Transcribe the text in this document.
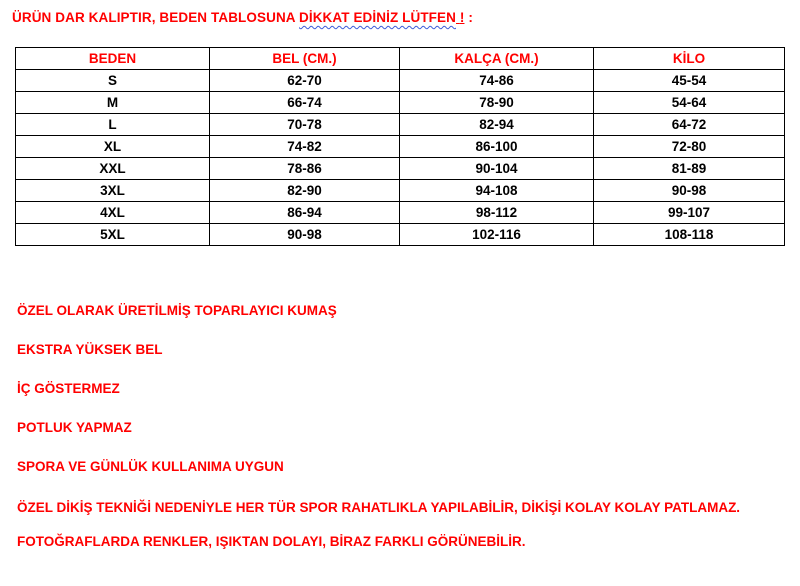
ÜRÜN DAR KALIPTIR, BEDEN TABLOSUNA DİKKAT EDİNİZ LÜTFEN ! :
BEDEN	BEL (CM.)	KALÇA (CM.)	KİLO
S	62-70	74-86	45-54
M	66-74	78-90	54-64
L	70-78	82-94	64-72
XL	74-82	86-100	72-80
XXL	78-86	90-104	81-89
3XL	82-90	94-108	90-98
4XL	86-94	98-112	99-107
5XL	90-98	102-116	108-118

ÖZEL OLARAK ÜRETİLMİŞ TOPARLAYICI KUMAŞ

EKSTRA YÜKSEK BEL

İÇ GÖSTERMEZ

POTLUK YAPMAZ

SPORA VE GÜNLÜK KULLANIMA UYGUN

ÖZEL DİKİŞ TEKNİĞİ NEDENİYLE HER TÜR SPOR RAHATLIKLA YAPILABİLİR, DİKİŞİ KOLAY KOLAY PATLAMAZ.

FOTOĞRAFLARDA RENKLER, IŞIKTAN DOLAYI, BİRAZ FARKLI GÖRÜNEBİLİR.
